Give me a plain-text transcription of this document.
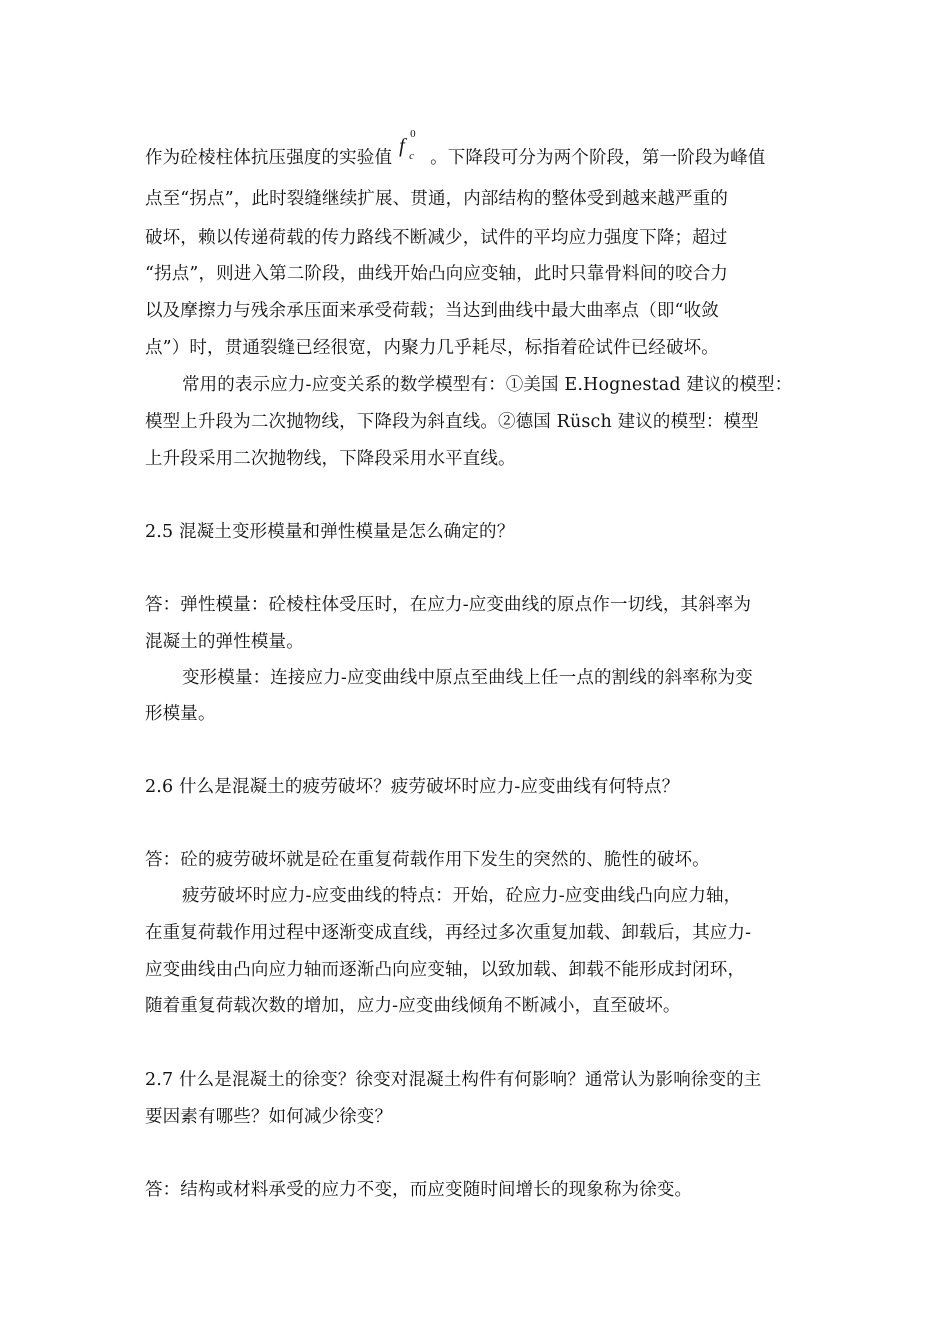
作为砼棱柱体抗压强度的实验值
f c
0
。下降段可分为两个阶段，第一阶段为峰值
点至“拐点”，此时裂缝继续扩展、贯通，内部结构的整体受到越来越严重的
破坏，赖以传递荷载的传力路线不断减少，试件的平均应力强度下降；超过
“拐点”，则进入第二阶段，曲线开始凸向应变轴，此时只靠骨料间的咬合力
以及摩擦力与残余承压面来承受荷载；当达到曲线中最大曲率点（即“收敛
点”）时，贯通裂缝已经很宽，内聚力几乎耗尽，标指着砼试件已经破坏。
常用的表示应力-应变关系的数学模型有：①美国 E.Hognestad 建议的模型：
模型上升段为二次抛物线，下降段为斜直线。②德国 Rüsch 建议的模型：模型
上升段采用二次抛物线，下降段采用水平直线。
2.5 混凝土变形模量和弹性模量是怎么确定的？
答：弹性模量：砼棱柱体受压时，在应力-应变曲线的原点作一切线，其斜率为
混凝土的弹性模量。
变形模量：连接应力-应变曲线中原点至曲线上任一点的割线的斜率称为变
形模量。
2.6 什么是混凝土的疲劳破坏？疲劳破坏时应力-应变曲线有何特点？
答：砼的疲劳破坏就是砼在重复荷载作用下发生的突然的、脆性的破坏。
疲劳破坏时应力-应变曲线的特点：开始，砼应力-应变曲线凸向应力轴，
在重复荷载作用过程中逐渐变成直线，再经过多次重复加载、卸载后，其应力-
应变曲线由凸向应力轴而逐渐凸向应变轴，以致加载、卸载不能形成封闭环，
随着重复荷载次数的增加，应力-应变曲线倾角不断减小，直至破坏。
2.7 什么是混凝土的徐变？徐变对混凝土构件有何影响？通常认为影响徐变的主
要因素有哪些？如何减少徐变？
答：结构或材料承受的应力不变，而应变随时间增长的现象称为徐变。
